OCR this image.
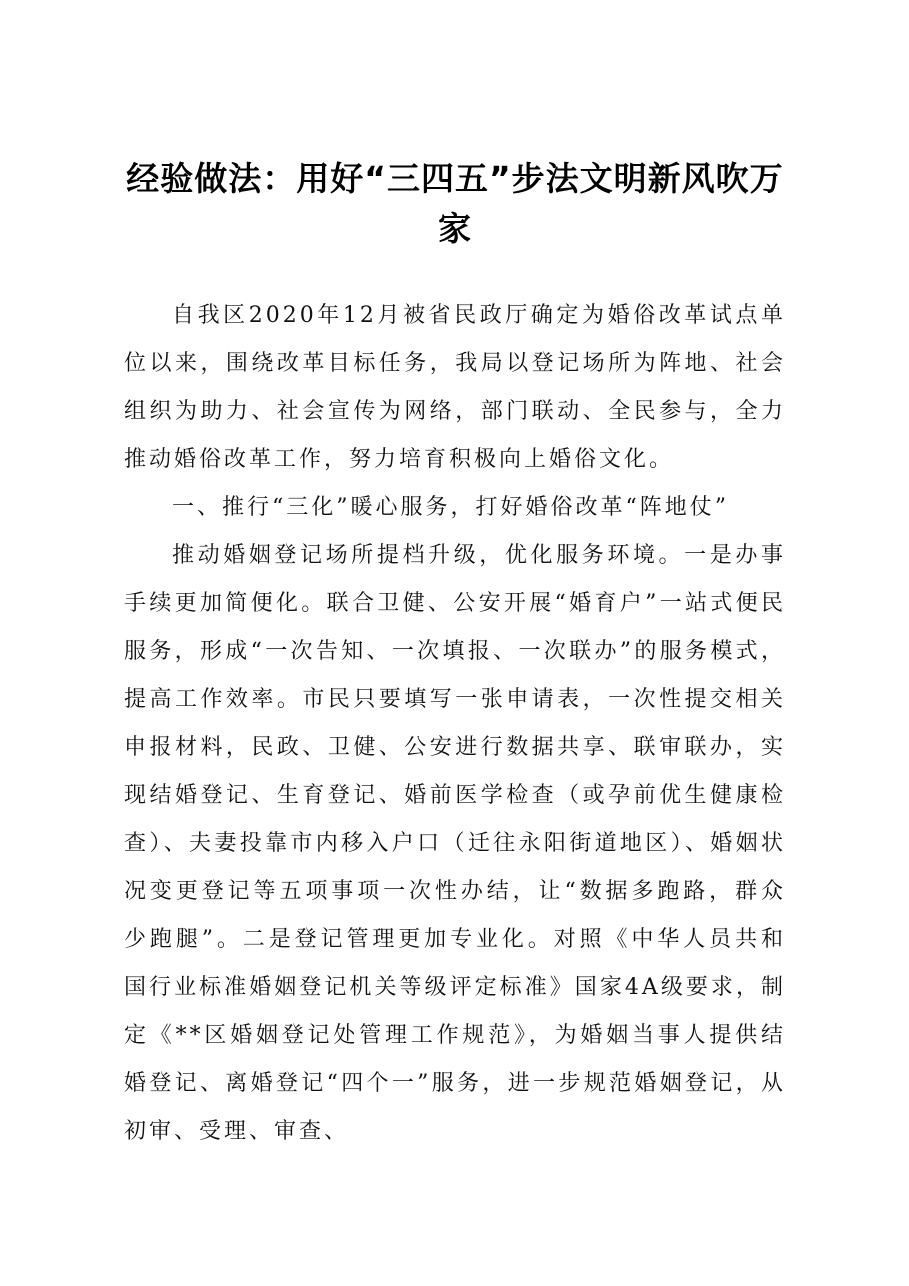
经验做法：用好“三四五”步法文明新风吹万家

自我区2020年12月被省民政厅确定为婚俗改革试点单位以来，围绕改革目标任务，我局以登记场所为阵地、社会组织为助力、社会宣传为网络，部门联动、全民参与，全力推动婚俗改革工作，努力培育积极向上婚俗文化。

一、推行“三化”暖心服务，打好婚俗改革“阵地仗”

推动婚姻登记场所提档升级，优化服务环境。一是办事手续更加简便化。联合卫健、公安开展“婚育户”一站式便民服务，形成“一次告知、一次填报、一次联办”的服务模式，提高工作效率。市民只要填写一张申请表，一次性提交相关申报材料，民政、卫健、公安进行数据共享、联审联办，实现结婚登记、生育登记、婚前医学检查（或孕前优生健康检查）、夫妻投靠市内移入户口（迁往永阳街道地区）、婚姻状况变更登记等五项事项一次性办结，让“数据多跑路，群众少跑腿”。二是登记管理更加专业化。对照《中华人员共和国行业标准婚姻登记机关等级评定标准》国家4A级要求，制定《**区婚姻登记处管理工作规范》，为婚姻当事人提供结婚登记、离婚登记“四个一”服务，进一步规范婚姻登记，从初审、受理、审查、
